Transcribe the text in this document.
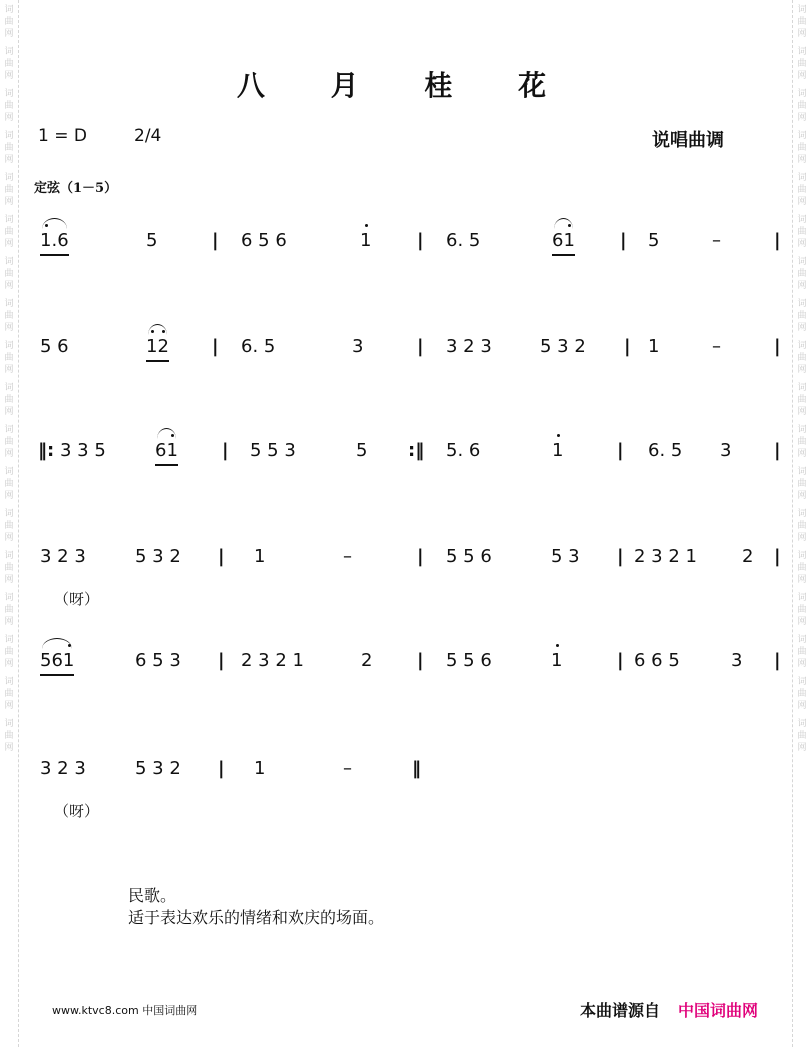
词
曲
网
词
曲
网
词
曲
网
词
曲
网
词
曲
网
词
曲
网
词
曲
网
词
曲
网
词
曲
网
词
曲
网
词
曲
网
词
曲
网
词
曲
网
词
曲
网
词
曲
网
词
曲
网
词
曲
网
词
曲
网
词
曲
网
词
曲
网
词
曲
网
词
曲
网
词
曲
网
词
曲
网
词
曲
网
词
曲
网
词
曲
网
词
曲
网
词
曲
网
词
曲
网
词
曲
网
词
曲
网
词
曲
网
词
曲
网
词
曲
网
词
曲
网
八 月 桂 花
1 = D	2/4	说唱曲调
定弦（1－5）
1
.6	5	| 6 5 6	1	| 6. 5	61	| 5	–	|
5 6	1
2 | 6. 5	3	| 3 2 3	5 3 2 | 1	–	|
‖: 3 3 5	61 | 5 5 3	5 :‖ 5. 6	1	| 6. 5 3 |
3 2 3	5 3 2 | 1	–	| 5 5 6	5 3 | 2 3 2 1	2 |
（呀）
561	6 5 3 | 2 3 2 1	2 | 5 5 6	1	| 6 6 5	3 |
3 2 3	5 3 2 | 1	–	‖
（呀）
民歌。
适于表达欢乐的情绪和欢庆的场面。
www.ktvc8.com 中国词曲网	本曲谱源自 中国词曲网
